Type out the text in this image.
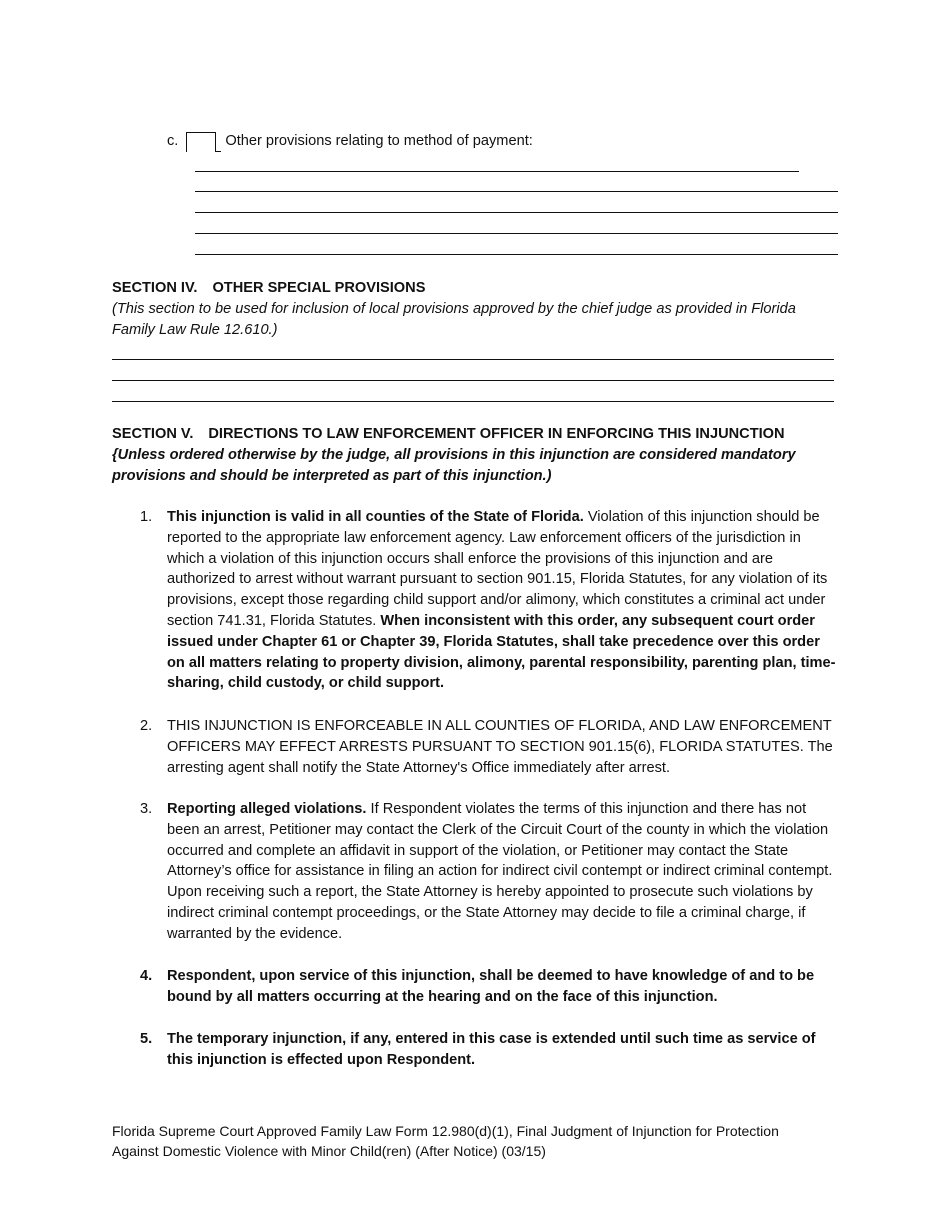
c.	Other provisions relating to method of payment:
SECTION IV. OTHER SPECIAL PROVISIONS
(This section to be used for inclusion of local provisions approved by the chief judge as provided in Florida Family Law Rule 12.610.)
SECTION V. DIRECTIONS TO LAW ENFORCEMENT OFFICER IN ENFORCING THIS INJUNCTION
{Unless ordered otherwise by the judge, all provisions in this injunction are considered mandatory provisions and should be interpreted as part of this injunction.)
1. This injunction is valid in all counties of the State of Florida. Violation of this injunction should be reported to the appropriate law enforcement agency. Law enforcement officers of the jurisdiction in which a violation of this injunction occurs shall enforce the provisions of this injunction and are authorized to arrest without warrant pursuant to section 901.15, Florida Statutes, for any violation of its provisions, except those regarding child support and/or alimony, which constitutes a criminal act under section 741.31, Florida Statutes. When inconsistent with this order, any subsequent court order issued under Chapter 61 or Chapter 39, Florida Statutes, shall take precedence over this order on all matters relating to property division, alimony, parental responsibility, parenting plan, time-sharing, child custody, or child support.
2. THIS INJUNCTION IS ENFORCEABLE IN ALL COUNTIES OF FLORIDA, AND LAW ENFORCEMENT OFFICERS MAY EFFECT ARRESTS PURSUANT TO SECTION 901.15(6), FLORIDA STATUTES. The arresting agent shall notify the State Attorney's Office immediately after arrest.
3. Reporting alleged violations. If Respondent violates the terms of this injunction and there has not been an arrest, Petitioner may contact the Clerk of the Circuit Court of the county in which the violation occurred and complete an affidavit in support of the violation, or Petitioner may contact the State Attorney’s office for assistance in filing an action for indirect civil contempt or indirect criminal contempt. Upon receiving such a report, the State Attorney is hereby appointed to prosecute such violations by indirect criminal contempt proceedings, or the State Attorney may decide to file a criminal charge, if warranted by the evidence.
4. Respondent, upon service of this injunction, shall be deemed to have knowledge of and to be bound by all matters occurring at the hearing and on the face of this injunction.
5. The temporary injunction, if any, entered in this case is extended until such time as service of this injunction is effected upon Respondent.
Florida Supreme Court Approved Family Law Form 12.980(d)(1), Final Judgment of Injunction for Protection
Against Domestic Violence with Minor Child(ren) (After Notice) (03/15)
